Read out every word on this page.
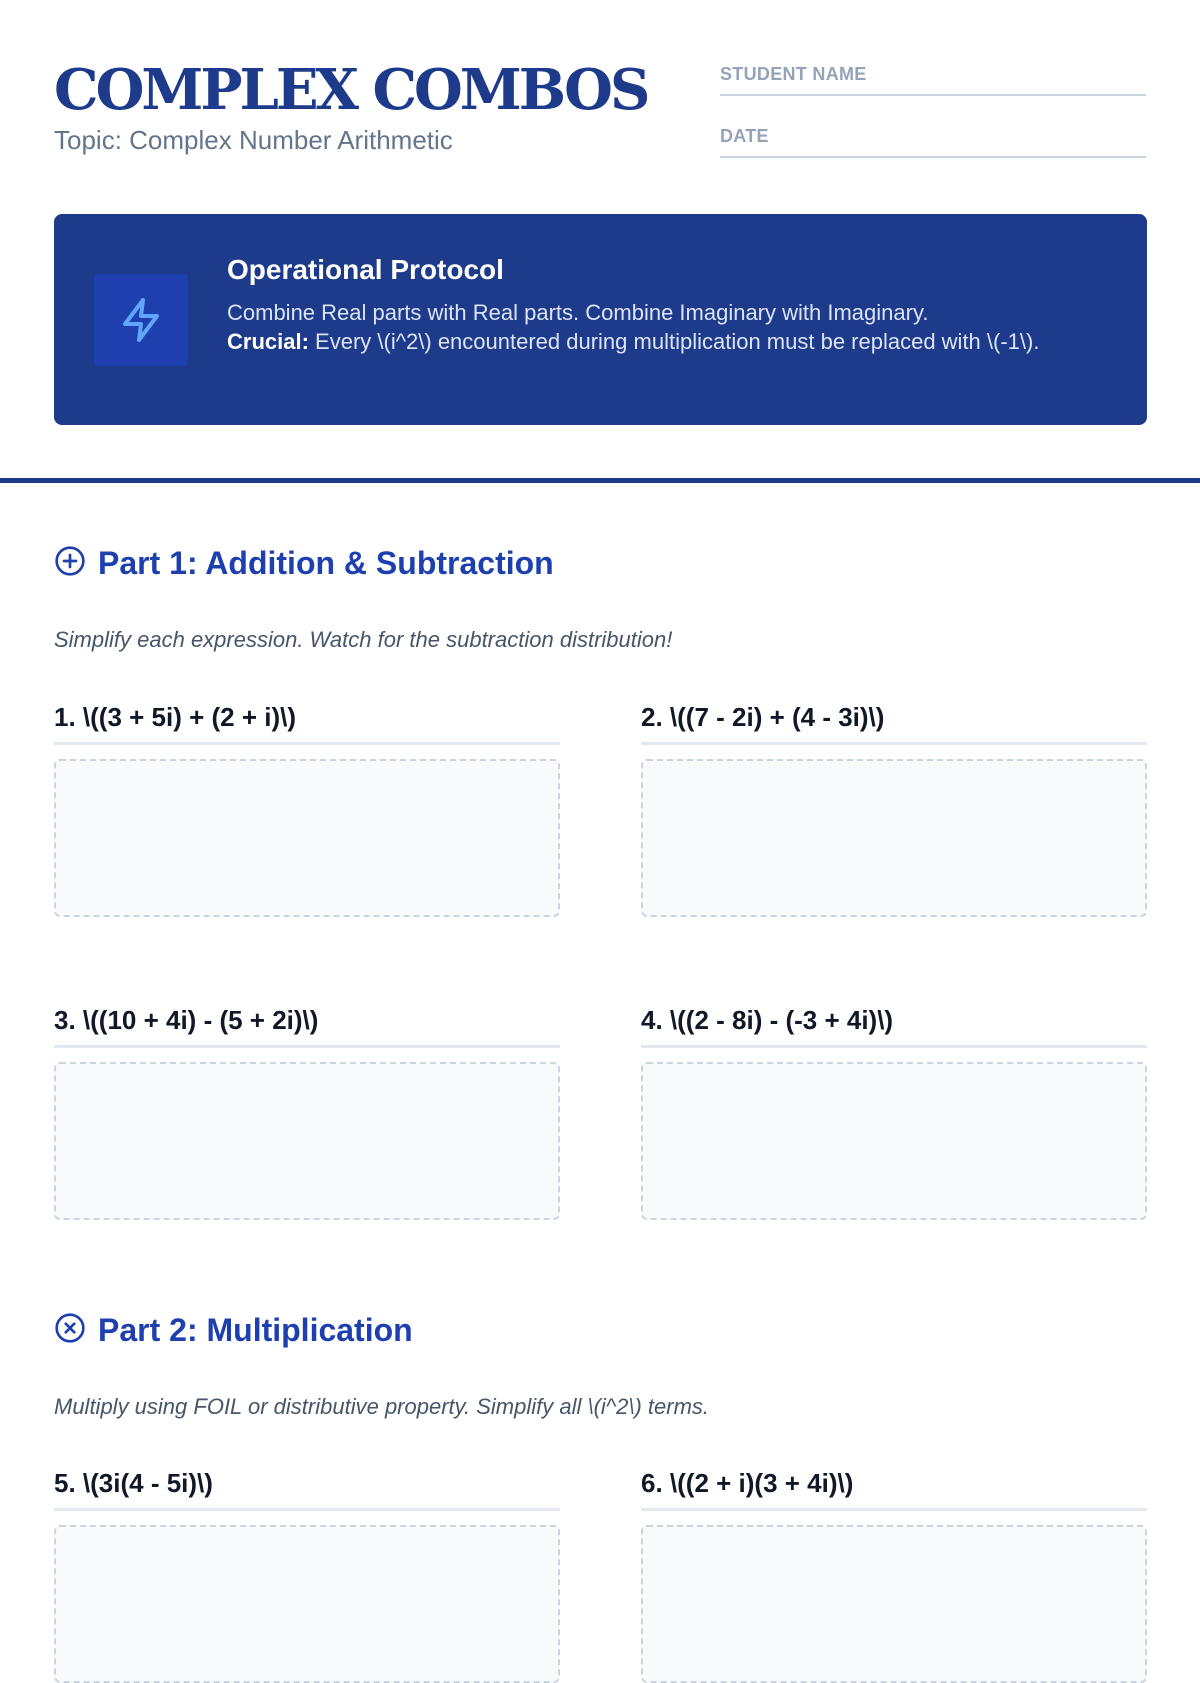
COMPLEX COMBOS
Topic: Complex Number Arithmetic
STUDENT NAME
DATE
Operational Protocol
Combine Real parts with Real parts. Combine Imaginary with Imaginary.
Crucial: Every \(i^2\) encountered during multiplication must be replaced with \(-1\).
Part 1: Addition & Subtraction
Simplify each expression. Watch for the subtraction distribution!
1. \((3 + 5i) + (2 + i)\)	2. \((7 - 2i) + (4 - 3i)\)
3. \((10 + 4i) - (5 + 2i)\)	4. \((2 - 8i) - (-3 + 4i)\)
Part 2: Multiplication
Multiply using FOIL or distributive property. Simplify all \(i^2\) terms.
5. \(3i(4 - 5i)\)	6. \((2 + i)(3 + 4i)\)
